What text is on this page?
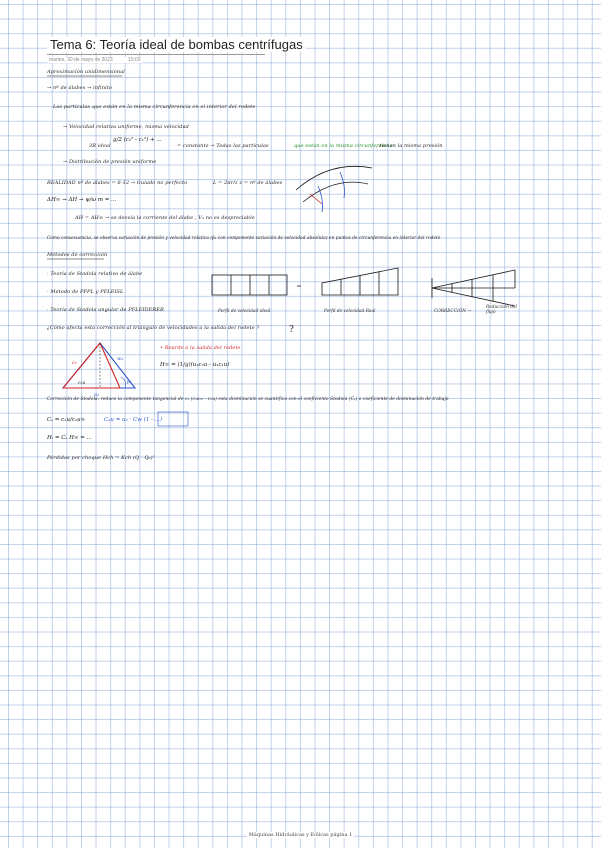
Tema 6: Teoría ideal de bombas centrífugas
martes, 30 de mayo de 2023	15:03
Aproximación unidimensional
→ nº de álabes → infinito
Las partículas que están en la misma circunferencia en el interior del rodete
→ Velocidad relativa uniforme, misma velocidad
3R ideal
g/2 (c₂² - c₁²) + ...
= constante → Todas las partículas	que están en la misma circunferencia
, tienen la misma presión
→ Distribución de presión uniforme
REALIDAD nº de álabes = 6-12 → Guiado no perfecto	L = 2πr/z z = nº de álabes
ΔH∞ → ΔH → ψ/ω m = ...
ΔH = ΔH∞ → se desvía la corriente del álabe , V₂ no es despreciable
Como consecuencia, se observa variación de presión y velocidad relativa (β₂ con componente variación de velocidad absoluta) en puntos de circunferencia en interior del rodete
Métodos de corrección
· Teoría de Stodola relativo de álabe
· Método de PFPL y PFLEISL
· Teoría de Stodola angular de PFLEIDERER	Perfil de velocidad ideal	Perfil de velocidad Real	CORRECCIÓN →
Reducción del flujo
¿Cómo afecta esta corrección al triángulo de velocidades a la salida del rodete ?
• Rearde a la salida del rodete
H∞ = (1/g)(u₂c₂u - u₁c₁u)
Corrección de Stodola: reduce la componente tangencial de c₂ (c₂u∞ - c₂u) esta disminución se cuantifica con el coeficiente Stodola (Cₛ) o coeficiente de disminución de trabajo
Cₛ = c₂u/c₂u∞	C₂u = u₂ · Cw (1 - ...)
Hₜ = Cₛ H∞ = ...
Pérdidas por choque Hch = Kch (Q - Q₀)²
c₂
w₂
u₂
c₂u	β₂
?
Máquinas Hidráulicas y Eólicas página 1
